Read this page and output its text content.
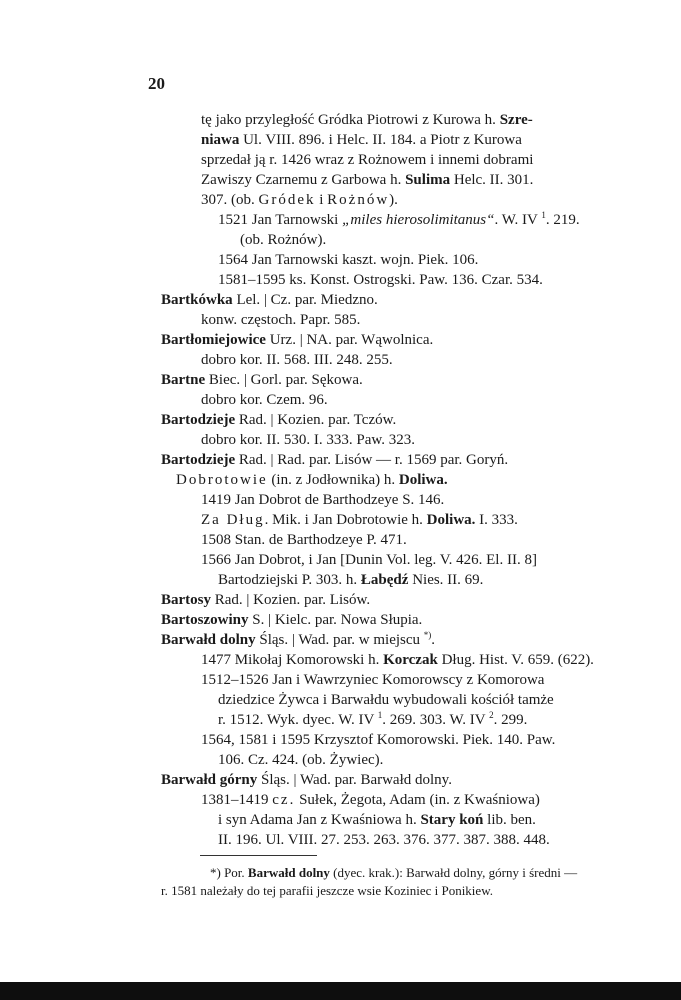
20
tę jako przyległość Gródka Piotrowi z Kurowa h. Szre-
niawa Ul. VIII. 896. i Helc. II. 184. a Piotr z Kurowa
sprzedał ją r. 1426 wraz z Rożnowem i innemi dobrami
Zawiszy Czarnemu z Garbowa h. Sulima Helc. II. 301.
307. (ob. Gródek i Rożnów).
1521 Jan Tarnowski „miles hierosolimitanus“. W. IV $^1$. 219.
(ob. Rożnów).
1564 Jan Tarnowski kaszt. wojn. Piek. 106.
1581–1595 ks. Konst. Ostrogski. Paw. 136. Czar. 534.
Bartkówka Lel. | Cz. par. Miedzno.
konw. częstoch. Papr. 585.
Bartłomiejowice Urz. | NA. par. Wąwolnica.
dobro kor. II. 568. III. 248. 255.
Bartne Biec. | Gorl. par. Sękowa.
dobro kor. Czem. 96.
Bartodzieje Rad. | Kozien. par. Tczów.
dobro kor. II. 530. I. 333. Paw. 323.
Bartodzieje Rad. | Rad. par. Lisów — r. 1569 par. Goryń.
Dobrotowie (in. z Jodłownika) h. Doliwa.
1419 Jan Dobrot de Barthodzeye S. 146.
Za Dług. Mik. i Jan Dobrotowie h. Doliwa. I. 333.
1508 Stan. de Barthodzeye P. 471.
1566 Jan Dobrot, i Jan [Dunin Vol. leg. V. 426. El. II. 8]
Bartodziejski P. 303. h. Łabędź Nies. II. 69.
Bartosy Rad. | Kozien. par. Lisów.
Bartoszowiny S. | Kielc. par. Nowa Słupia.
Barwałd dolny Śląs. | Wad. par. w miejscu *).
1477 Mikołaj Komorowski h. Korczak Dług. Hist. V. 659. (622).
1512–1526 Jan i Wawrzyniec Komorowscy z Komorowa
dziedzice Żywca i Barwałdu wybudowali kościół tamże
r. 1512. Wyk. dyec. W. IV $^1$. 269. 303. W. IV $^2$. 299.
1564, 1581 i 1595 Krzysztof Komorowski. Piek. 140. Paw.
106. Cz. 424. (ob. Żywiec).
Barwałd górny Śląs. | Wad. par. Barwałd dolny.
1381–1419 cz. Sułek, Żegota, Adam (in. z Kwaśniowa)
i syn Adama Jan z Kwaśniowa h. Stary koń lib. ben.
II. 196. Ul. VIII. 27. 253. 263. 376. 377. 387. 388. 448.
*) Por. Barwałd dolny (dyec. krak.): Barwałd dolny, górny i średni —
r. 1581 należały do tej parafii jeszcze wsie Koziniec i Ponikiew.
